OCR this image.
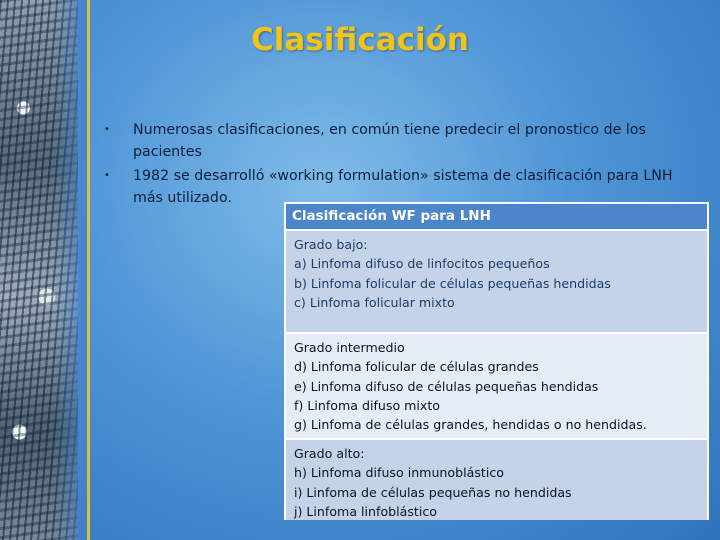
Clasificación
• Numerosas clasificaciones, en común tiene predecir el pronostico de los pacientes
• 1982 se desarrolló «working formulation» sistema de clasificación para LNH más utilizado.
Clasificación WF para LNH
Grado bajo:
a) Linfoma difuso de linfocitos pequeños
b) Linfoma folicular de células pequeñas hendidas
c) Linfoma folicular mixto
Grado intermedio
d) Linfoma folicular de células grandes
e) Linfoma difuso de células pequeñas hendidas
f) Linfoma difuso mixto
g) Linfoma de células grandes, hendidas o no hendidas.
Grado alto:
h) Linfoma difuso inmunoblástico
i) Linfoma de células pequeñas no hendidas
j) Linfoma linfoblástico
